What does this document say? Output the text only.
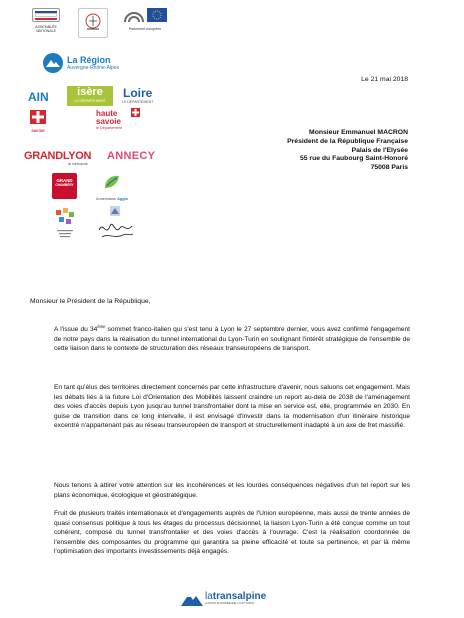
ASSEMBLÉE
NATIONALE	Parlement européen
La Région
Auvergne-Rhône-Alpes
AIN	isère
LE DÉPARTEMENT
Loire
LE DÉPARTEMENT
SAVOIE
haute
savoie
le Département
GRANDLYON
la métropole
ANNECY
GRAND
CHAMBÉRY
Annemasse Agglo
Le 21 mai 2018
Monsieur Emmanuel MACRON
Président de la République Française
Palais de l'Elysée
55 rue du Faubourg Saint-Honoré
75008 Paris
Monsieur le Président de la République,
A l'issue du 34ème sommet franco-italien qui s'est tenu à Lyon le 27 septembre dernier, vous avez confirmé l'engagement de notre pays dans la réalisation du tunnel international du Lyon-Turin en soulignant l'intérêt stratégique de l'ensemble de cette liaison dans le contexte de structuration des réseaux transeuropéens de transport.
En tant qu'élus des territoires directement concernés par cette infrastructure d'avenir, nous saluons cet engagement. Mais les débats liés à la future Loi d'Orientation des Mobilités laissent craindre un report au-delà de 2038 de l'aménagement des voies d'accès depuis Lyon jusqu'au tunnel transfrontalier dont la mise en service est, elle, programmée en 2030. En guise de transition dans ce long intervalle, il est envisagé d'investir dans la modernisation d'un itinéraire historique excentré n'appartenant pas au réseau transeuropéen de transport et structurellement inadapté à un axe de fret massifié.
Nous tenons à attirer votre attention sur les incohérences et les lourdes conséquences négatives d'un tel report sur les plans économique, écologique et géostratégique.
Fruit de plusieurs traités internationaux et d'engagements auprès de l'Union européenne, mais aussi de trente années de quasi consensus politique à tous les étages du processus décisionnel, la liaison Lyon-Turin a été conçue comme un tout cohérent, composé du tunnel transfrontalier et des voies d'accès à l'ouvrage. C'est la réalisation coordonnée de l'ensemble des composantes du programme qui garantira sa pleine efficacité et toute sa pertinence, et par là même l'optimisation des importants investissements déjà engagés.
latransalpine
LIAISON EUROPÉENNE LYON-TURIN
